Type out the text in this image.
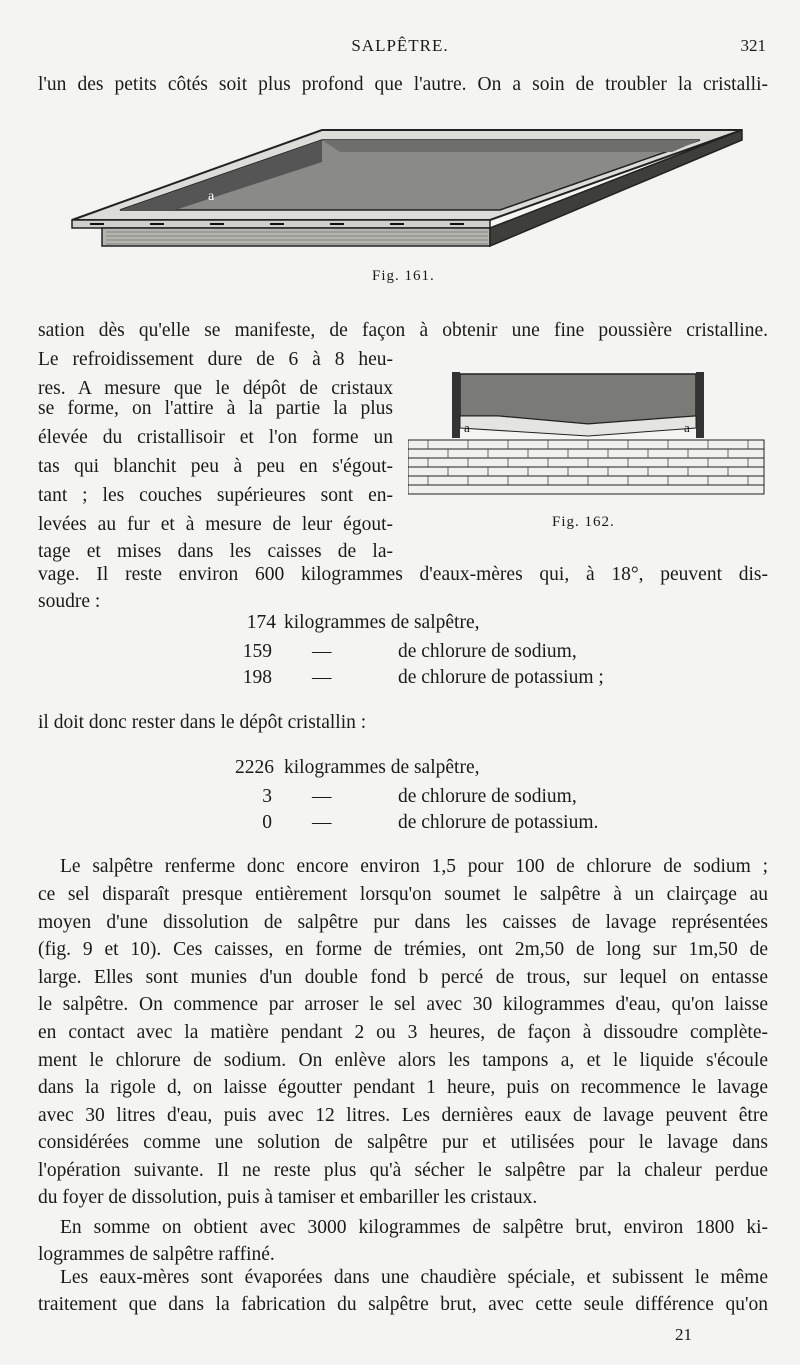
SALPÊTRE.	321
l'un des petits côtés soit plus profond que l'autre. On a soin de troubler la cristalli-
a
Fig. 161.
sation dès qu'elle se manifeste, de façon à obtenir une fine poussière cristalline.
Le refroidissement dure de 6 à 8 heu-
res. A mesure que le dépôt de cristaux
se forme, on l'attire à la partie la plus
élevée du cristallisoir et l'on forme un
tas qui blanchit peu à peu en s'égout-
tant ; les couches supérieures sont en-
levées au fur et à mesure de leur égout-
tage et mises dans les caisses de la-
a	a
Fig. 162.
vage. Il reste environ 600 kilogrammes d'eaux-mères qui, à 18°, peuvent dis-
soudre :
174 kilogrammes de salpêtre,
159 —	de chlorure de sodium,
198 —	de chlorure de potassium ;
il doit donc rester dans le dépôt cristallin :
2226 kilogrammes de salpêtre,
3 —	de chlorure de sodium,
0 —	de chlorure de potassium.
Le salpêtre renferme donc encore environ 1,5 pour 100 de chlorure de sodium ;
ce sel disparaît presque entièrement lorsqu'on soumet le salpêtre à un clairçage au
moyen d'une dissolution de salpêtre pur dans les caisses de lavage représentées
(fig. 9 et 10). Ces caisses, en forme de trémies, ont 2m,50 de long sur 1m,50 de
large. Elles sont munies d'un double fond b percé de trous, sur lequel on entasse
le salpêtre. On commence par arroser le sel avec 30 kilogrammes d'eau, qu'on laisse
en contact avec la matière pendant 2 ou 3 heures, de façon à dissoudre complète-
ment le chlorure de sodium. On enlève alors les tampons a, et le liquide s'écoule
dans la rigole d, on laisse égoutter pendant 1 heure, puis on recommence le lavage
avec 30 litres d'eau, puis avec 12 litres. Les dernières eaux de lavage peuvent être
considérées comme une solution de salpêtre pur et utilisées pour le lavage dans
l'opération suivante. Il ne reste plus qu'à sécher le salpêtre par la chaleur perdue
du foyer de dissolution, puis à tamiser et embariller les cristaux.
En somme on obtient avec 3000 kilogrammes de salpêtre brut, environ 1800 ki-
logrammes de salpêtre raffiné.
Les eaux-mères sont évaporées dans une chaudière spéciale, et subissent le même
traitement que dans la fabrication du salpêtre brut, avec cette seule différence qu'on
21
